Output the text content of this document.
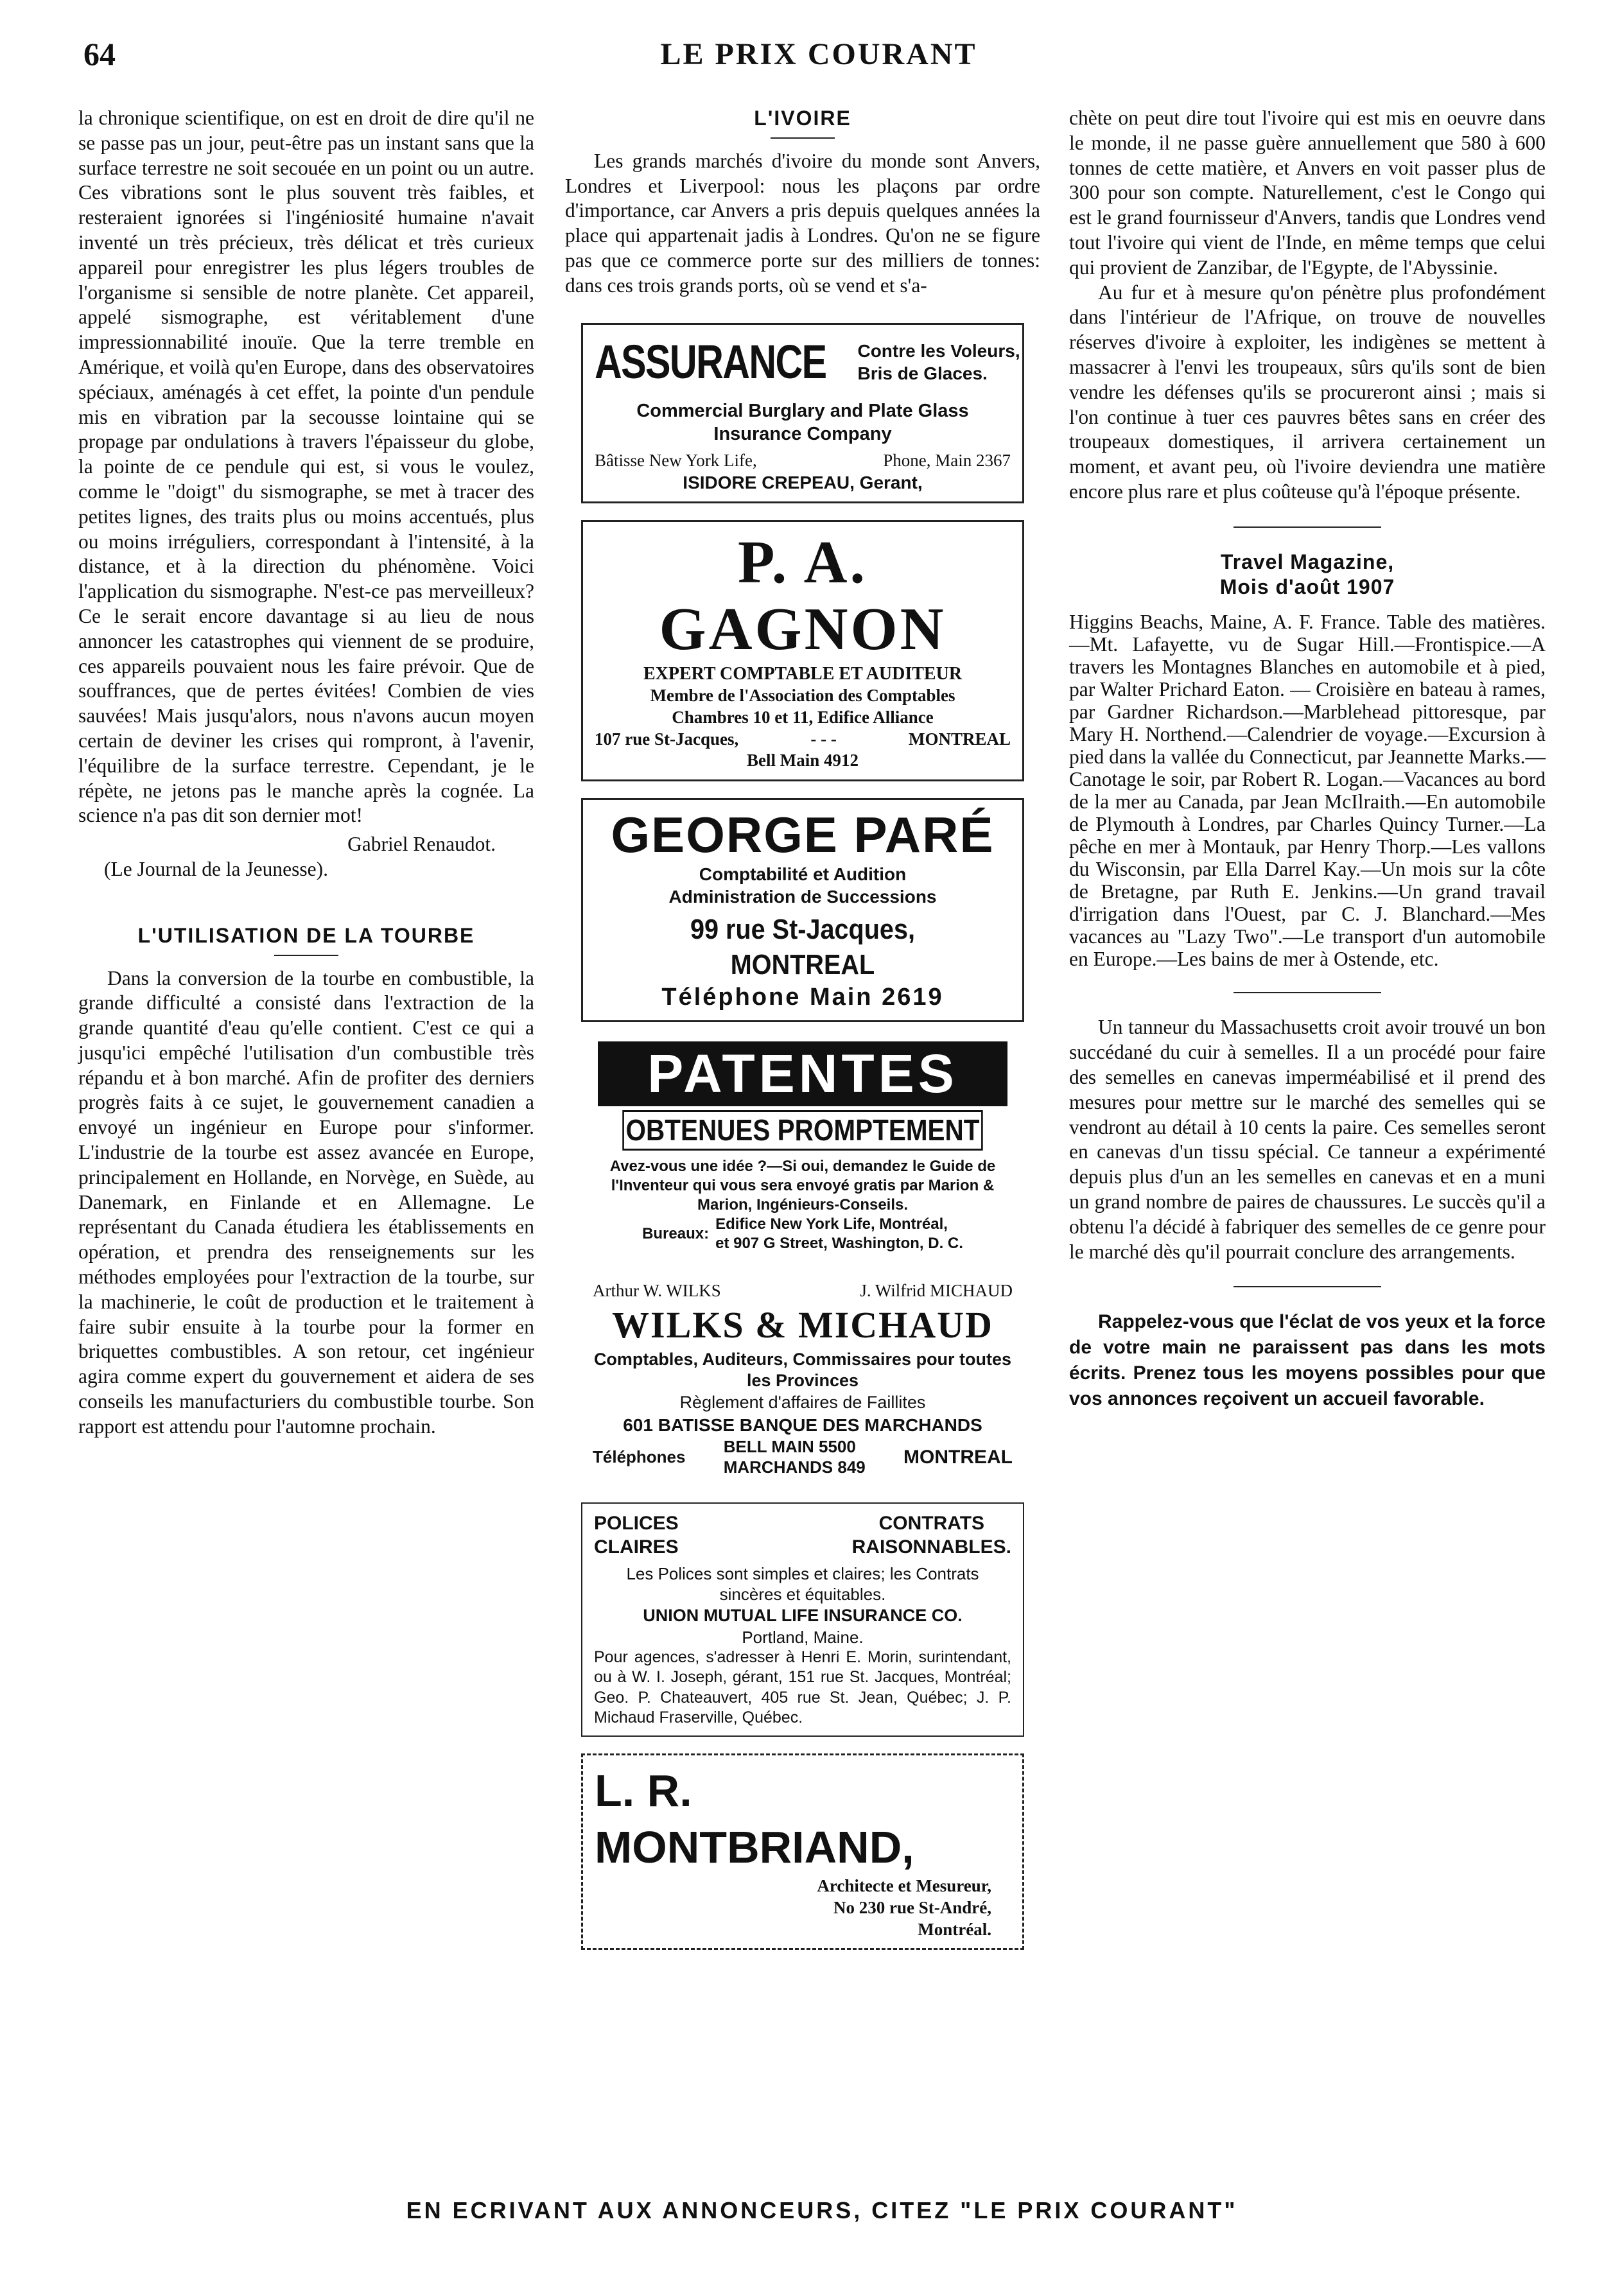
64	LE PRIX COURANT

la chronique scientifique, on est en droit de dire qu'il ne se passe pas un jour, peut-être pas un instant sans que la surface terrestre ne soit secouée en un point ou un autre. Ces vibrations sont le plus souvent très faibles, et resteraient ignorées si l'ingéniosité humaine n'avait inventé un très précieux, très délicat et très curieux appareil pour enregistrer les plus légers troubles de l'organisme si sensible de notre planète. Cet appareil, appelé sismographe, est véritablement d'une impressionnabilité inouïe. Que la terre tremble en Amérique, et voilà qu'en Europe, dans des observatoires spéciaux, aménagés à cet effet, la pointe d'un pendule mis en vibration par la secousse lointaine qui se propage par ondulations à travers l'épaisseur du globe, la pointe de ce pendule qui est, si vous le voulez, comme le "doigt" du sismographe, se met à tracer des petites lignes, des traits plus ou moins accentués, plus ou moins irréguliers, correspondant à l'intensité, à la distance, et à la direction du phénomène. Voici l'application du sismographe. N'est-ce pas merveilleux? Ce le serait encore davantage si au lieu de nous annoncer les catastrophes qui viennent de se produire, ces appareils pouvaient nous les faire prévoir. Que de souffrances, que de pertes évitées! Combien de vies sauvées! Mais jusqu'alors, nous n'avons aucun moyen certain de deviner les crises qui rompront, à l'avenir, l'équilibre de la surface terrestre. Cependant, je le répète, ne jetons pas le manche après la cognée. La science n'a pas dit son dernier mot!

Gabriel Renaudot.
(Le Journal de la Jeunesse).
L'UTILISATION DE LA TOURBE

Dans la conversion de la tourbe en combustible, la grande difficulté a consisté dans l'extraction de la grande quantité d'eau qu'elle contient. C'est ce qui a jusqu'ici empêché l'utilisation d'un combustible très répandu et à bon marché. Afin de profiter des derniers progrès faits à ce sujet, le gouvernement canadien a envoyé un ingénieur en Europe pour s'informer. L'industrie de la tourbe est assez avancée en Europe, principalement en Hollande, en Norvège, en Suède, au Danemark, en Finlande et en Allemagne. Le représentant du Canada étudiera les établissements en opération, et prendra des renseignements sur les méthodes employées pour l'extraction de la tourbe, sur la machinerie, le coût de production et le traitement à faire subir ensuite à la tourbe pour la former en briquettes combustibles. A son retour, cet ingénieur agira comme expert du gouvernement et aidera de ses conseils les manufacturiers du combustible tourbe. Son rapport est attendu pour l'automne prochain.

L'IVOIRE

Les grands marchés d'ivoire du monde sont Anvers, Londres et Liverpool: nous les plaçons par ordre d'importance, car Anvers a pris depuis quelques années la place qui appartenait jadis à Londres. Qu'on ne se figure pas que ce commerce porte sur des milliers de tonnes: dans ces trois grands ports, où se vend et s'a-

ASSURANCE Contre les Voleurs,
Bris de Glaces.
Commercial Burglary and Plate Glass
Insurance Company
Bâtisse New York Life,	Phone, Main 2367
ISIDORE CREPEAU, Gerant,
P. A. GAGNON
EXPERT COMPTABLE ET AUDITEUR
Membre de l'Association des Comptables
Chambres 10 et 11, Edifice Alliance
107 rue St-Jacques,	- - -	MONTREAL
Bell Main 4912
GEORGE PARÉ
Comptabilité et Audition
Administration de Successions
99 rue St-Jacques, MONTREAL
Téléphone Main 2619
PATENTES
OBTENUES PROMPTEMENT
Avez-vous une idée ?—Si oui, demandez le Guide de l'Inventeur qui vous sera envoyé gratis par Marion & Marion, Ingénieurs-Conseils.
Bureaux:
Edifice New York Life, Montréal,
et 907 G Street, Washington, D. C.
Arthur W. WILKS	J. Wilfrid MICHAUD
WILKS & MICHAUD
Comptables, Auditeurs, Commissaires pour toutes les Provinces
Règlement d'affaires de Faillites
601 BATISSE BANQUE DES MARCHANDS
Téléphones
BELL MAIN 5500
MARCHANDS 849 MONTREAL
POLICES
CLAIRES
CONTRATS
RAISONNABLES.
Les Polices sont simples et claires; les Contrats sincères et équitables.
UNION MUTUAL LIFE INSURANCE CO.
Portland, Maine.
Pour agences, s'adresser à Henri E. Morin, surintendant, ou à W. I. Joseph, gérant, 151 rue St. Jacques, Montréal; Geo. P. Chateauvert, 405 rue St. Jean, Québec; J. P. Michaud Fraserville, Québec.
L. R. MONTBRIAND,
Architecte et Mesureur,
No 230 rue St-André,
Montréal.

chète on peut dire tout l'ivoire qui est mis en oeuvre dans le monde, il ne passe guère annuellement que 580 à 600 tonnes de cette matière, et Anvers en voit passer plus de 300 pour son compte. Naturellement, c'est le Congo qui est le grand fournisseur d'Anvers, tandis que Londres vend tout l'ivoire qui vient de l'Inde, en même temps que celui qui provient de Zanzibar, de l'Egypte, de l'Abyssinie.

Au fur et à mesure qu'on pénètre plus profondément dans l'intérieur de l'Afrique, on trouve de nouvelles réserves d'ivoire à exploiter, les indigènes se mettent à massacrer à l'envi les troupeaux, sûrs qu'ils sont de bien vendre les défenses qu'ils se procureront ainsi ; mais si l'on continue à tuer ces pauvres bêtes sans en créer des troupeaux domestiques, il arrivera certainement un moment, et avant peu, où l'ivoire deviendra une matière encore plus rare et plus coûteuse qu'à l'époque présente.

Travel Magazine,
Mois d'août 1907

Higgins Beachs, Maine, A. F. France. Table des matières.—Mt. Lafayette, vu de Sugar Hill.—Frontispice.—A travers les Montagnes Blanches en automobile et à pied, par Walter Prichard Eaton. — Croisière en bateau à rames, par Gardner Richardson.—Marblehead pittoresque, par Mary H. Northend.—Calendrier de voyage.—Excursion à pied dans la vallée du Connecticut, par Jeannette Marks.—Canotage le soir, par Robert R. Logan.—Vacances au bord de la mer au Canada, par Jean McIlraith.—En automobile de Plymouth à Londres, par Charles Quincy Turner.—La pêche en mer à Montauk, par Henry Thorp.—Les vallons du Wisconsin, par Ella Darrel Kay.—Un mois sur la côte de Bretagne, par Ruth E. Jenkins.—Un grand travail d'irrigation dans l'Ouest, par C. J. Blanchard.—Mes vacances au "Lazy Two".—Le transport d'un automobile en Europe.—Les bains de mer à Ostende, etc.

Un tanneur du Massachusetts croit avoir trouvé un bon succédané du cuir à semelles. Il a un procédé pour faire des semelles en canevas imperméabilisé et il prend des mesures pour mettre sur le marché des semelles qui se vendront au détail à 10 cents la paire. Ces semelles seront en canevas d'un tissu spécial. Ce tanneur a expérimenté depuis plus d'un an les semelles en canevas et en a muni un grand nombre de paires de chaussures. Le succès qu'il a obtenu l'a décidé à fabriquer des semelles de ce genre pour le marché dès qu'il pourrait conclure des arrangements.

Rappelez-vous que l'éclat de vos yeux et la force de votre main ne paraissent pas dans les mots écrits. Prenez tous les moyens possibles pour que vos annonces reçoivent un accueil favorable.

EN ECRIVANT AUX ANNONCEURS, CITEZ "LE PRIX COURANT"
